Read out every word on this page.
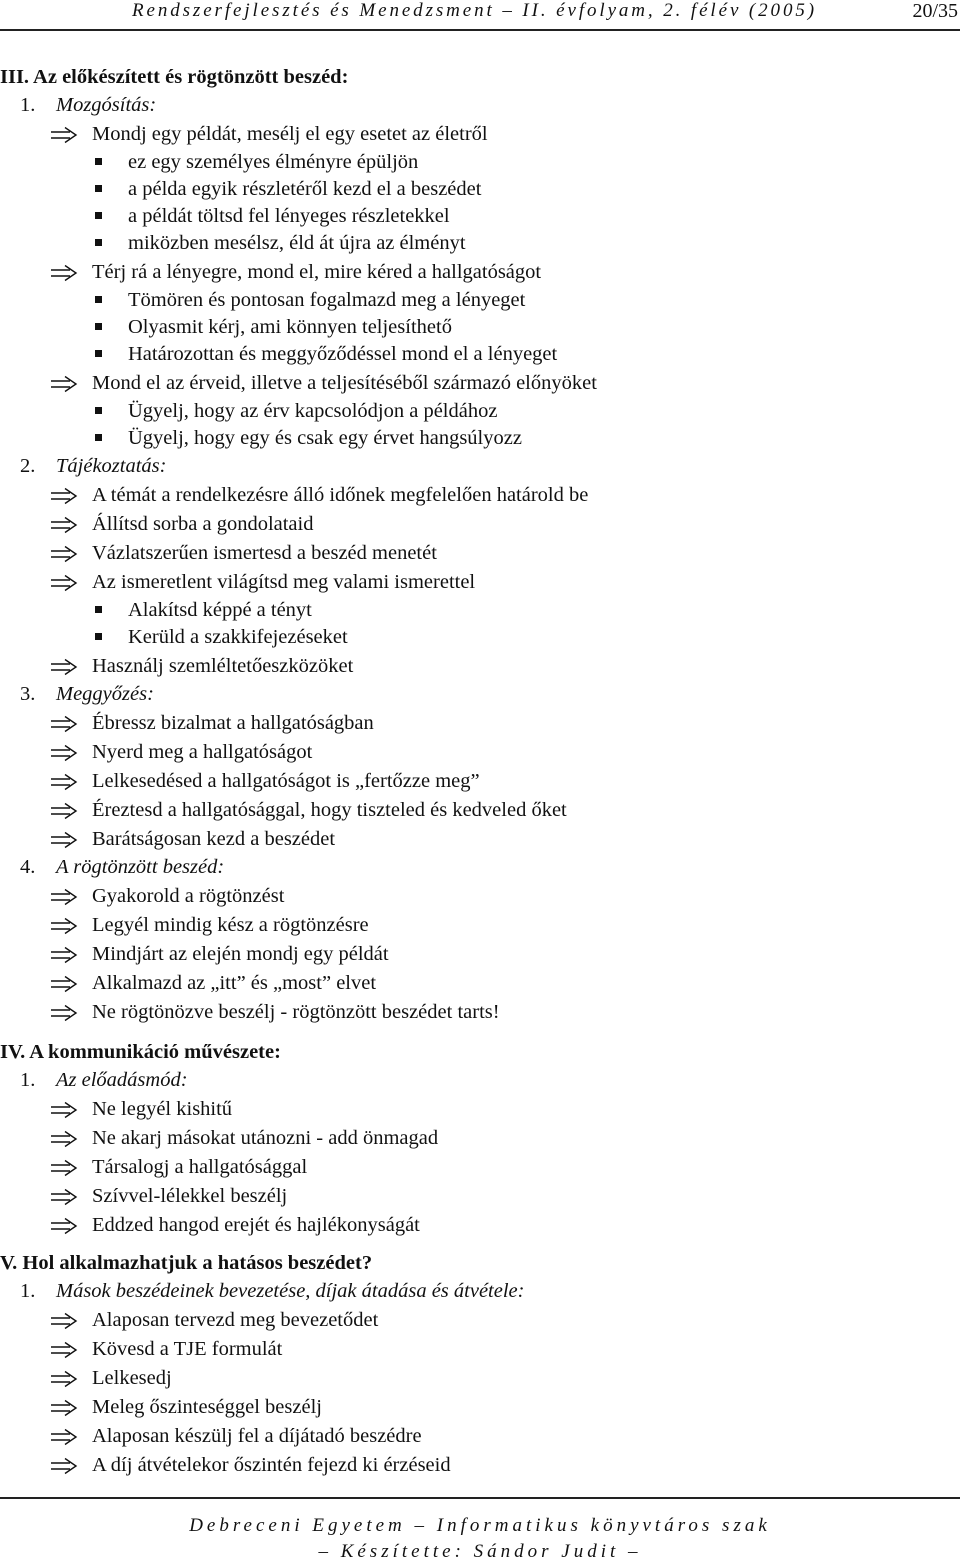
Rendszerfejlesztés és Menedzsment – II. évfolyam, 2. félév (2005)	20/35
III. Az előkészített és rögtönzött beszéd:
1. Mozgósítás:
Mondj egy példát, mesélj el egy esetet az életről
ez egy személyes élményre épüljön
a példa egyik részletéről kezd el a beszédet
a példát töltsd fel lényeges részletekkel
miközben mesélsz, éld át újra az élményt
Térj rá a lényegre, mond el, mire kéred a hallgatóságot
Tömören és pontosan fogalmazd meg a lényeget
Olyasmit kérj, ami könnyen teljesíthető
Határozottan és meggyőződéssel mond el a lényeget
Mond el az érveid, illetve a teljesítéséből származó előnyöket
Ügyelj, hogy az érv kapcsolódjon a példához
Ügyelj, hogy egy és csak egy érvet hangsúlyozz
2. Tájékoztatás:
A témát a rendelkezésre álló időnek megfelelően határold be
Állítsd sorba a gondolataid
Vázlatszerűen ismertesd a beszéd menetét
Az ismeretlent világítsd meg valami ismerettel
Alakítsd képpé a tényt
Kerüld a szakkifejezéseket
Használj szemléltetőeszközöket
3. Meggyőzés:
Ébressz bizalmat a hallgatóságban
Nyerd meg a hallgatóságot
Lelkesedésed a hallgatóságot is „fertőzze meg”
Éreztesd a hallgatósággal, hogy tiszteled és kedveled őket
Barátságosan kezd a beszédet
4. A rögtönzött beszéd:
Gyakorold a rögtönzést
Legyél mindig kész a rögtönzésre
Mindjárt az elején mondj egy példát
Alkalmazd az „itt” és „most” elvet
Ne rögtönözve beszélj - rögtönzött beszédet tarts!
IV. A kommunikáció művészete:
1. Az előadásmód:
Ne legyél kishitű
Ne akarj másokat utánozni - add önmagad
Társalogj a hallgatósággal
Szívvel-lélekkel beszélj
Eddzed hangod erejét és hajlékonyságát
V. Hol alkalmazhatjuk a hatásos beszédet?
1. Mások beszédeinek bevezetése, díjak átadása és átvétele:
Alaposan tervezd meg bevezetődet
Kövesd a TJE formulát
Lelkesedj
Meleg őszinteséggel beszélj
Alaposan készülj fel a díjátadó beszédre
A díj átvételekor őszintén fejezd ki érzéseid
Debreceni Egyetem – Informatikus könyvtáros szak
– Készítette: Sándor Judit –
